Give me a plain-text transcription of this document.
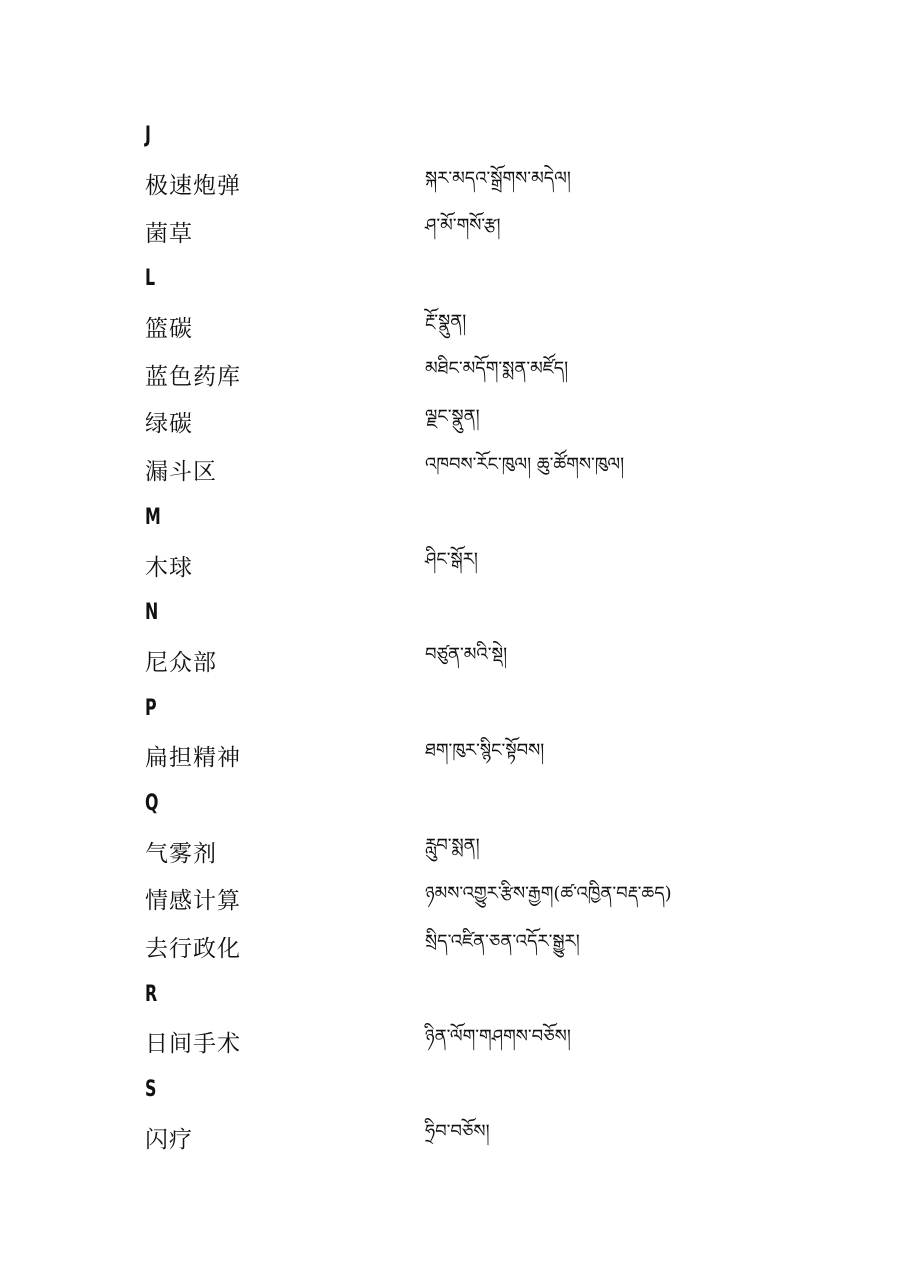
J
极速炮弹	སྐར་མདའ་སྒྲོགས་མདེལ།
菌草	ཤ་མོ་གསོ་རྩ།
L
篮碳	རྔོ་སྣུན།
蓝色药库	མཐིང་མདོག་སྨན་མཛོད།
绿碳	ལྗང་སྣུན།
漏斗区	འཁབས་རོང་ཁུལ། ཆུ་ཚོགས་ཁུལ།
M
木球	ཤིང་སྒོར།
N
尼众部	བཙུན་མའི་སྡེ།
P
扁担精神	ཐག་ཁུར་སྙིང་སྟོབས།
Q
气雾剂	རླུབ་སྨན།
情感计算	ཉམས་འགྱུར་རྩིས་རྒྱག(ཚ་འཁྱིན་བརྡ་ཆད)
去行政化	སྲིད་འཛིན་ཅན་འདོར་སྒྱུར།
R
日间手术	ཉིན་ལོག་གཤགས་བཅོས།
S
闪疗	ཧྲིབ་བཅོས།
